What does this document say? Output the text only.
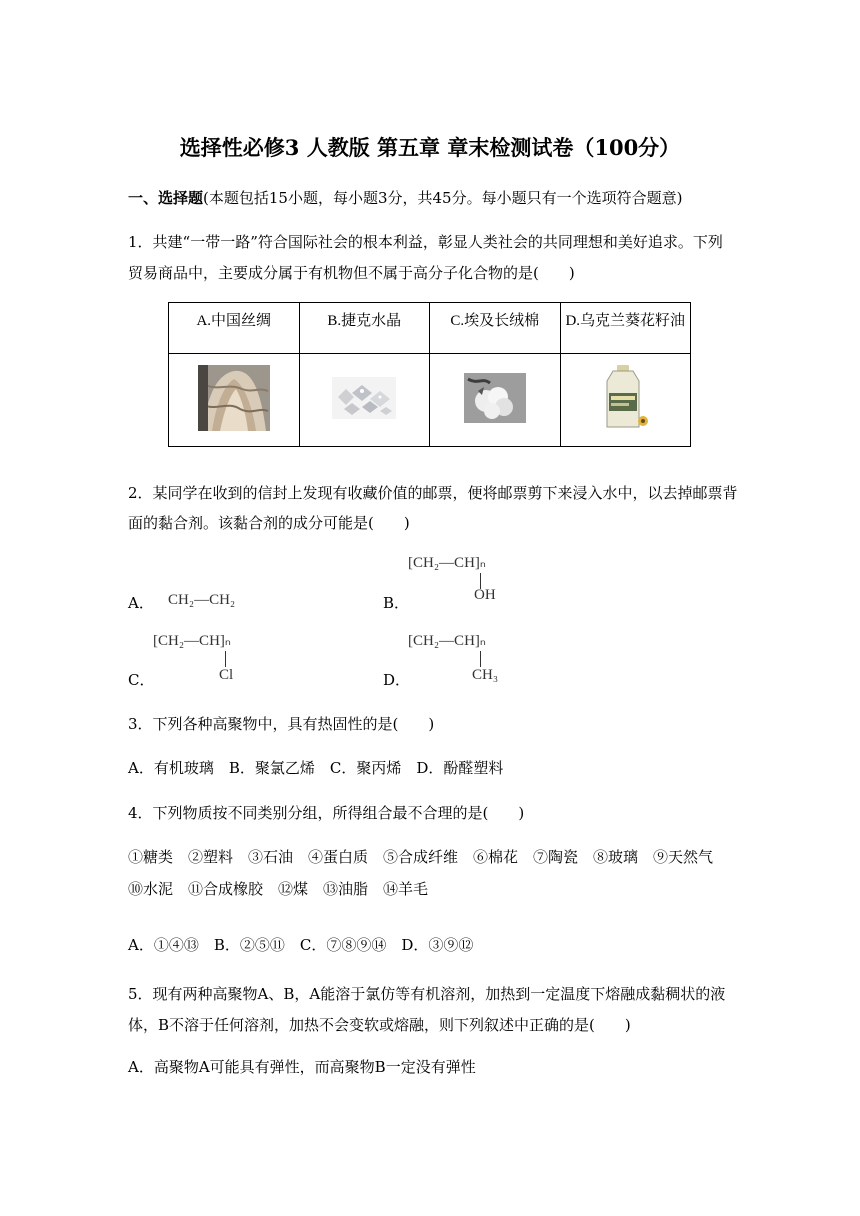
选择性必修3 人教版 第五章 章末检测试卷（100分）
一、选择题(本题包括15小题，每小题3分，共45分。每小题只有一个选项符合题意)
1．共建“一带一路”符合国际社会的根本利益，彰显人类社会的共同理想和美好追求。下列
贸易商品中，主要成分属于有机物但不属于高分子化合物的是(　　)
A.中国丝绸	B.捷克水晶	C.埃及长绒棉	D.乌克兰葵花籽油

2．某同学在收到的信封上发现有收藏价值的邮票，便将邮票剪下来浸入水中，以去掉邮票背
面的黏合剂。该黏合剂的成分可能是(　　)
A． CH₂—CH₂	B．
[CH₂—CH]ₙ
OH
C．
[CH₂—CH]ₙ
Cl	D．
[CH₂—CH]ₙ
CH₃
3．下列各种高聚物中，具有热固性的是(　　)
A．有机玻璃　B．聚氯乙烯　C．聚丙烯　D．酚醛塑料
4．下列物质按不同类别分组，所得组合最不合理的是(　　)
①糖类　②塑料　③石油　④蛋白质　⑤合成纤维　⑥棉花　⑦陶瓷　⑧玻璃　⑨天然气
⑩水泥　⑪合成橡胶　⑫煤　⑬油脂　⑭羊毛
A．①④⑬　B．②⑤⑪　C．⑦⑧⑨⑭　D．③⑨⑫
5．现有两种高聚物A、B，A能溶于氯仿等有机溶剂，加热到一定温度下熔融成黏稠状的液
体，B不溶于任何溶剂，加热不会变软或熔融，则下列叙述中正确的是(　　)
A．高聚物A可能具有弹性，而高聚物B一定没有弹性
